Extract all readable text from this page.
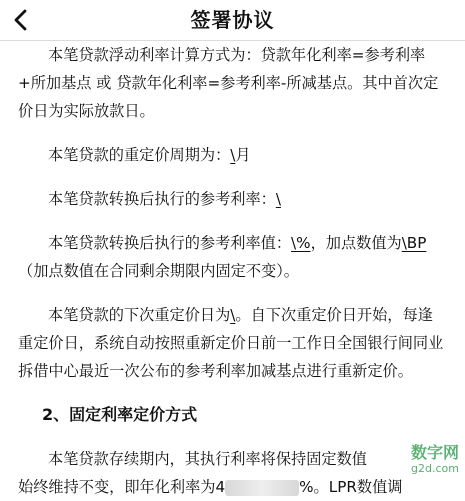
签署协议

本笔贷款浮动利率计算方式为：贷款年化利率=参考利率+所加基点 或 贷款年化利率=参考利率-所减基点。其中首次定价日为实际放款日。

本笔贷款的重定价周期为：\月

本笔贷款转换后执行的参考利率：\

本笔贷款转换后执行的参考利率值：\%，加点数值为\BP（加点数值在合同剩余期限内固定不变）。

本笔贷款的下次重定价日为\。自下次重定价日开始，每逢重定价日，系统自动按照重新定价日前一工作日全国银行间同业拆借中心最近一次公布的参考利率加减基点进行重新定价。

2、固定利率定价方式

本笔贷款存续期内，其执行利率将保持固定数值

始终维持不变，即年化利率为4	%。LPR数值调

数字网
g2d.com
